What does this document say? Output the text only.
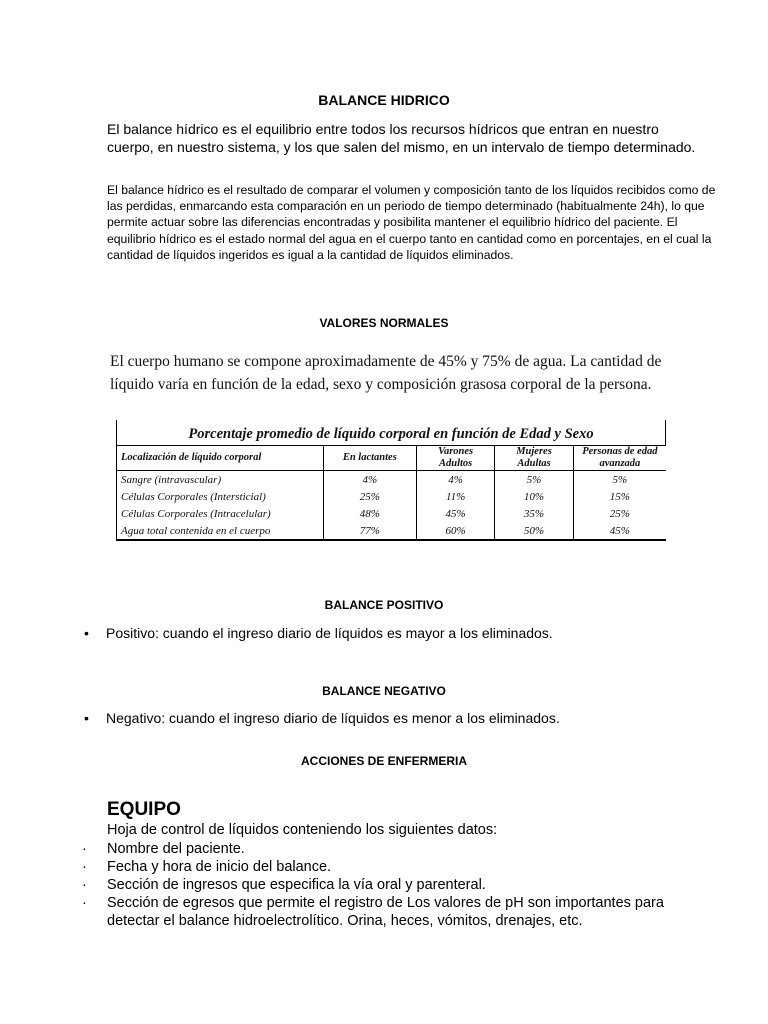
BALANCE HIDRICO
El balance hídrico es el equilibrio entre todos los recursos hídricos que entran en nuestro cuerpo, en nuestro sistema, y los que salen del mismo, en un intervalo de tiempo determinado.
El balance hídrico es el resultado de comparar el volumen y composición tanto de los líquidos recibidos como de las perdidas, enmarcando esta comparación en un periodo de tiempo determinado (habitualmente 24h), lo que permite actuar sobre las diferencias encontradas y posibilita mantener el equilibrio hídrico del paciente. El equilibrio hídrico es el estado normal del agua en el cuerpo tanto en cantidad como en porcentajes, en el cual la cantidad de líquidos ingeridos es igual a la cantidad de líquidos eliminados.
VALORES NORMALES
El cuerpo humano se compone aproximadamente de 45% y 75% de agua. La cantidad de líquido varía en función de la edad, sexo y composición grasosa corporal de la persona.
Porcentaje promedio de líquido corporal en función de Edad y Sexo
Localización de líquido corporal	En lactantes	Varones Adultos	Mujeres Adultas	Personas de edad avanzada
Sangre (intravascular)	4%	4%	5%	5%
Células Corporales (Intersticial)	25%	11%	10%	15%
Células Corporales (Intracelular)	48%	45%	35%	25%
Agua total contenida en el cuerpo	77%	60%	50%	45%
BALANCE POSITIVO
• Positivo: cuando el ingreso diario de líquidos es mayor a los eliminados.
BALANCE NEGATIVO
• Negativo: cuando el ingreso diario de líquidos es menor a los eliminados.
ACCIONES DE ENFERMERIA
EQUIPO
Hoja de control de líquidos conteniendo los siguientes datos:
·	Nombre del paciente.
·	Fecha y hora de inicio del balance.
·	Sección de ingresos que especifica la vía oral y parenteral.
·	Sección de egresos que permite el registro de Los valores de pH son importantes para detectar el balance hidroelectrolítico. Orina, heces, vómitos, drenajes, etc.
